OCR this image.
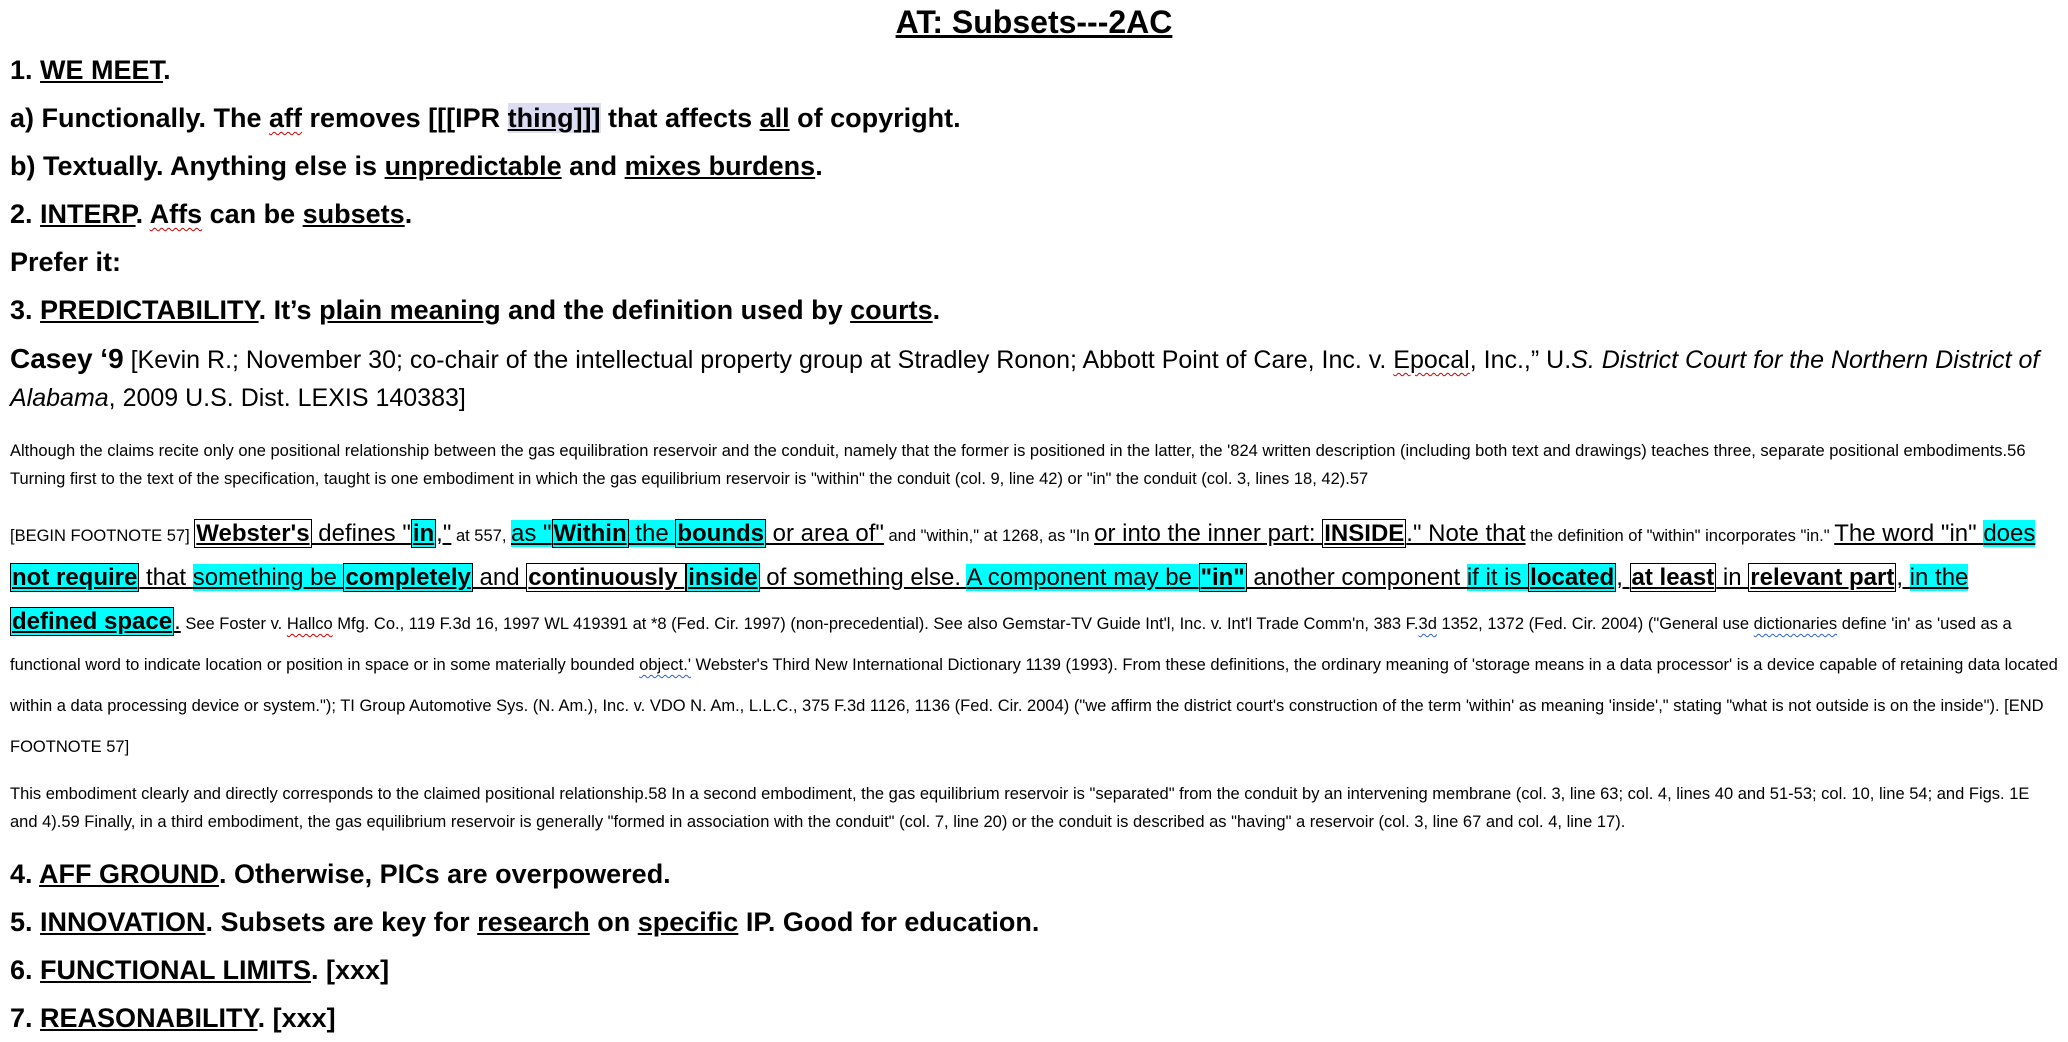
AT: Subsets---2AC
1. WE MEET.
a) Functionally. The aff removes [[[IPR thing]]] that affects all of copyright.
b) Textually. Anything else is unpredictable and mixes burdens.
2. INTERP. Affs can be subsets.
Prefer it:
3. PREDICTABILITY. It’s plain meaning and the definition used by courts.
Casey ‘9 [Kevin R.; November 30; co-chair of the intellectual property group at Stradley Ronon; Abbott Point of Care, Inc. v. Epocal, Inc.,” U.S. District Court for the Northern District of Alabama, 2009 U.S. Dist. LEXIS 140383]
Although the claims recite only one positional relationship between the gas equilibration reservoir and the conduit, namely that the former is positioned in the latter, the '824 written description (including both text and drawings) teaches three, separate positional embodiments.56 Turning first to the text of the specification, taught is one embodiment in which the gas equilibrium reservoir is "within" the conduit (col. 9, line 42) or "in" the conduit (col. 3, lines 18, 42).57
[BEGIN FOOTNOTE 57] Webster's defines "in," at 557, as "Within the bounds or area of" and "within," at 1268, as "In or into the inner part: INSIDE." Note that the definition of "within" incorporates "in." The word "in" does not require that something be completely and continuously inside of something else. A component may be "in" another component if it is located, at least in relevant part, in the defined space. See Foster v. Hallco Mfg. Co., 119 F.3d 16, 1997 WL 419391 at *8 (Fed. Cir. 1997) (non-precedential). See also Gemstar-TV Guide Int'l, Inc. v. Int'l Trade Comm'n, 383 F.3d 1352, 1372 (Fed. Cir. 2004) ("General use dictionaries define 'in' as 'used as a functional word to indicate location or position in space or in some materially bounded object.' Webster's Third New International Dictionary 1139 (1993). From these definitions, the ordinary meaning of 'storage means in a data processor' is a device capable of retaining data located within a data processing device or system."); TI Group Automotive Sys. (N. Am.), Inc. v. VDO N. Am., L.L.C., 375 F.3d 1126, 1136 (Fed. Cir. 2004) ("we affirm the district court's construction of the term 'within' as meaning 'inside'," stating "what is not outside is on the inside"). [END FOOTNOTE 57]
This embodiment clearly and directly corresponds to the claimed positional relationship.58 In a second embodiment, the gas equilibrium reservoir is "separated" from the conduit by an intervening membrane (col. 3, line 63; col. 4, lines 40 and 51-53; col. 10, line 54; and Figs. 1E and 4).59 Finally, in a third embodiment, the gas equilibrium reservoir is generally "formed in association with the conduit" (col. 7, line 20) or the conduit is described as "having" a reservoir (col. 3, line 67 and col. 4, line 17).
4. AFF GROUND. Otherwise, PICs are overpowered.
5. INNOVATION. Subsets are key for research on specific IP. Good for education.
6. FUNCTIONAL LIMITS. [xxx]
7. REASONABILITY. [xxx]
